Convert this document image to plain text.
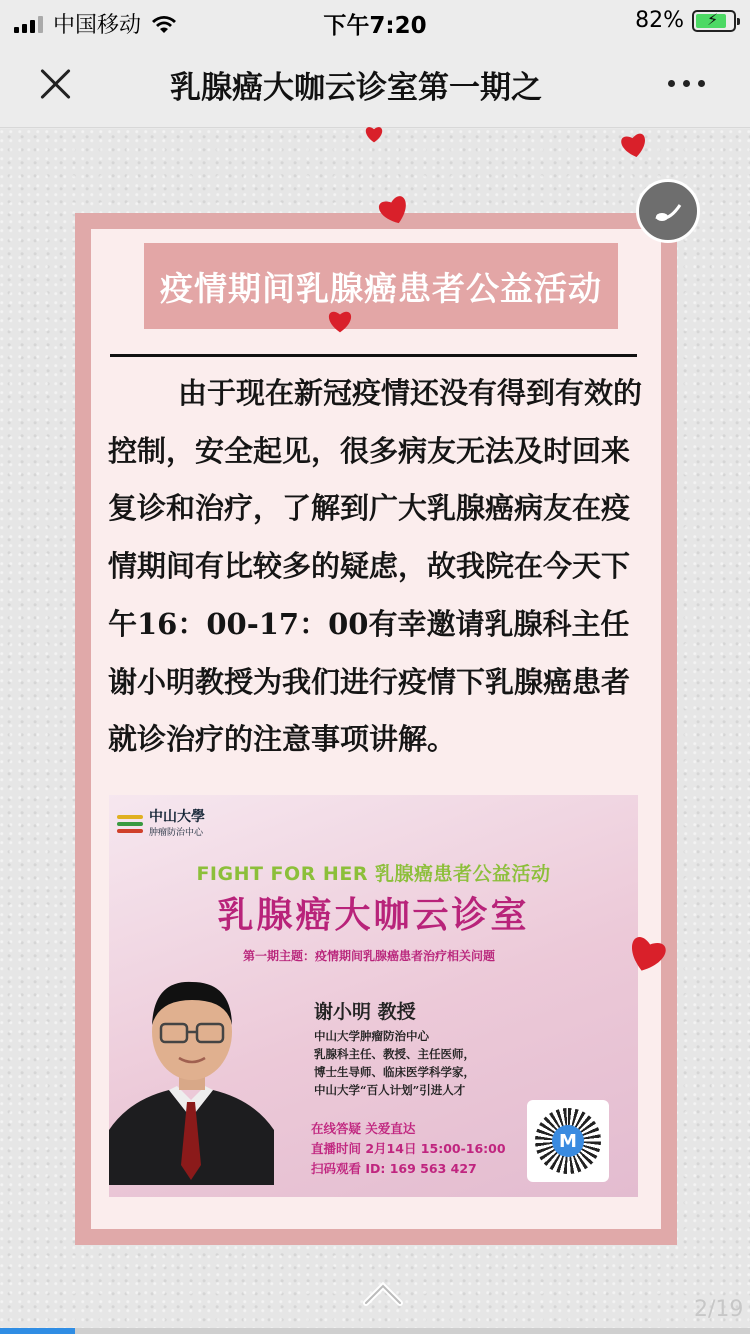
中国移动	下午7:20	82% ⚡
乳腺癌大咖云诊室第一期之
疫情期间乳腺癌患者公益活动

由于现在新冠疫情还没有得到有效的控制，安全起见，很多病友无法及时回来复诊和治疗，了解到广大乳腺癌病友在疫情期间有比较多的疑虑，故我院在今天下午16：00-17：00有幸邀请乳腺科主任谢小明教授为我们进行疫情下乳腺癌患者就诊治疗的注意事项讲解。

中山大學
肿瘤防治中心
FIGHT FOR HER 乳腺癌患者公益活动
乳腺癌大咖云诊室
第一期主题：疫情期间乳腺癌患者治疗相关问题
谢小明 教授
中山大学肿瘤防治中心
乳腺科主任、教授、主任医师，
博士生导师、临床医学科学家，
中山大学“百人计划”引进人才
在线答疑 关爱直达
直播时间 2月14日 15:00-16:00
扫码观看 ID: 169 563 427
M
2/19
